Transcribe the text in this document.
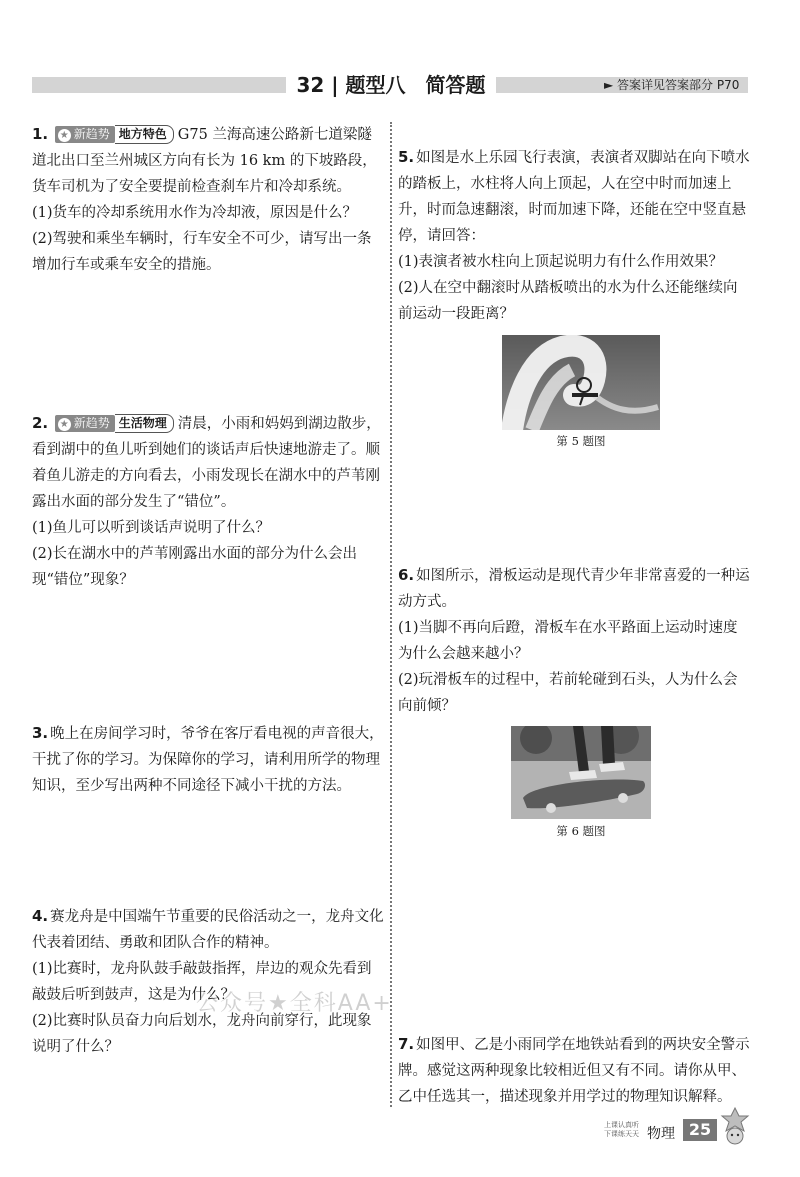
32 | 题型八　简答题	► 答案详见答案部分 P70

1. ★ 新趋势 地方特色 G75 兰海高速公路新七道梁隧道北出口至兰州城区方向有长为 16 km 的下坡路段，货车司机为了安全要提前检查刹车片和冷却系统。

(1)货车的冷却系统用水作为冷却液，原因是什么？

(2)驾驶和乘坐车辆时，行车安全不可少，请写出一条增加行车或乘车安全的措施。

2. ★ 新趋势 生活物理 清晨，小雨和妈妈到湖边散步，看到湖中的鱼儿听到她们的谈话声后快速地游走了。顺着鱼儿游走的方向看去，小雨发现长在湖水中的芦苇刚露出水面的部分发生了“错位”。

(1)鱼儿可以听到谈话声说明了什么？

(2)长在湖水中的芦苇刚露出水面的部分为什么会出现“错位”现象？

3. 晚上在房间学习时，爷爷在客厅看电视的声音很大，干扰了你的学习。为保障你的学习，请利用所学的物理知识，至少写出两种不同途径下减小干扰的方法。

4. 赛龙舟是中国端午节重要的民俗活动之一，龙舟文化代表着团结、勇敢和团队合作的精神。

(1)比赛时，龙舟队鼓手敲鼓指挥，岸边的观众先看到敲鼓后听到鼓声，这是为什么？

(2)比赛时队员奋力向后划水，龙舟向前穿行，此现象说明了什么？

5. 如图是水上乐园飞行表演，表演者双脚站在向下喷水的踏板上，水柱将人向上顶起，人在空中时而加速上升，时而急速翻滚，时而加速下降，还能在空中竖直悬停，请回答：

(1)表演者被水柱向上顶起说明力有什么作用效果？

(2)人在空中翻滚时从踏板喷出的水为什么还能继续向前运动一段距离？

第 5 题图

6. 如图所示，滑板运动是现代青少年非常喜爱的一种运动方式。

(1)当脚不再向后蹬，滑板车在水平路面上运动时速度为什么会越来越小？

(2)玩滑板车的过程中，若前轮碰到石头，人为什么会向前倾？

第 6 题图

7. 如图甲、乙是小雨同学在地铁站看到的两块安全警示牌。感觉这两种现象比较相近但又有不同。请你从甲、乙中任选其一，描述现象并用学过的物理知识解释。

公众号★全科AA+
上课认真听 下课练天天 物理 25
